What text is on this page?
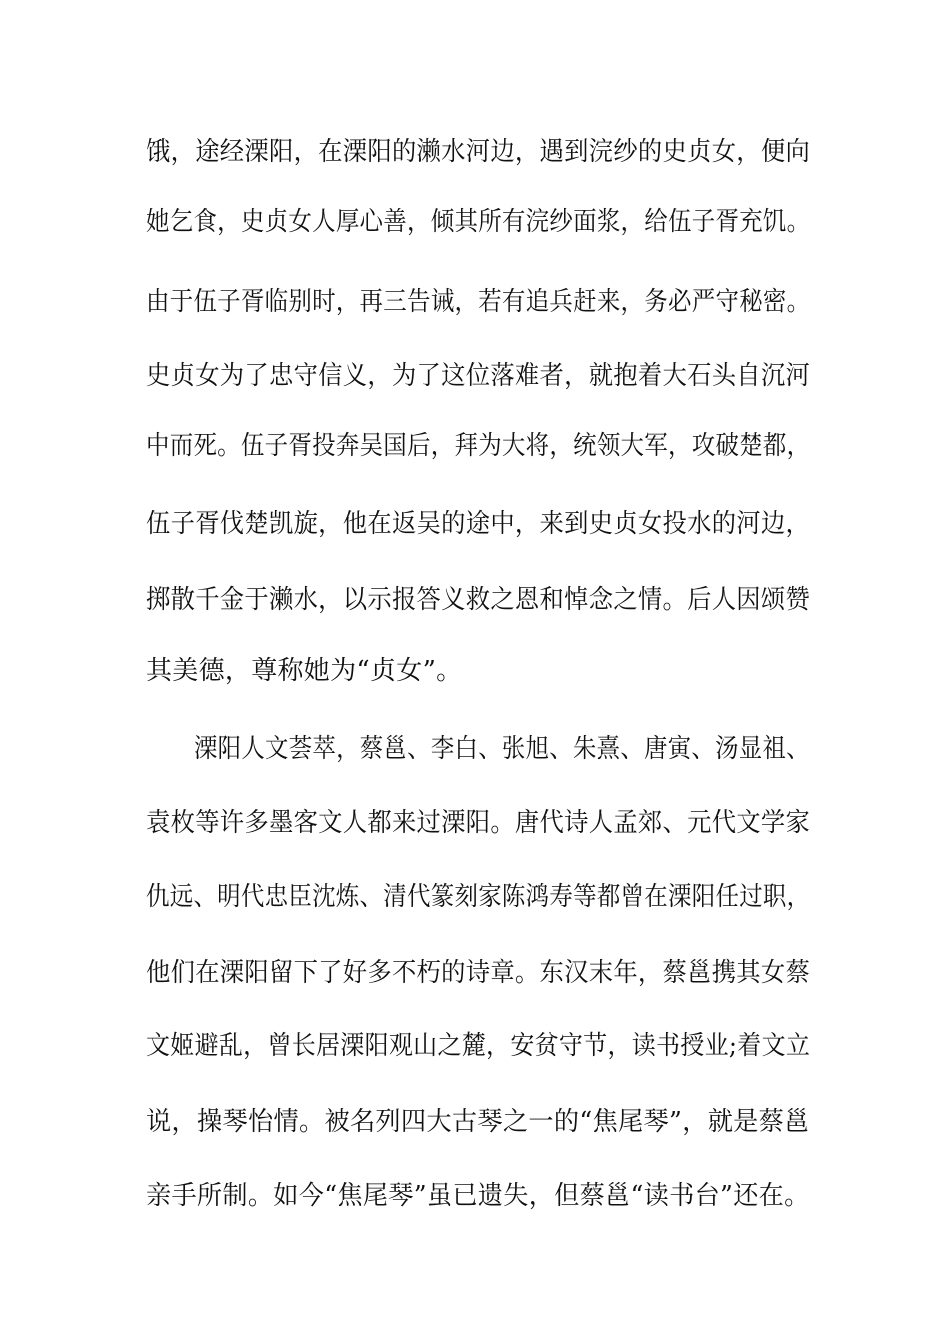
饿，途经溧阳，在溧阳的濑水河边，遇到浣纱的史贞女，便向
她乞食，史贞女人厚心善，倾其所有浣纱面浆，给伍子胥充饥。
由于伍子胥临别时，再三告诫，若有追兵赶来，务必严守秘密。
史贞女为了忠守信义，为了这位落难者，就抱着大石头自沉河
中而死。伍子胥投奔吴国后，拜为大将，统领大军，攻破楚都，
伍子胥伐楚凯旋，他在返吴的途中，来到史贞女投水的河边，
掷散千金于濑水，以示报答义救之恩和悼念之情。后人因颂赞
其美德，尊称她为“贞女”。
溧阳人文荟萃，蔡邕、李白、张旭、朱熹、唐寅、汤显祖、
袁枚等许多墨客文人都来过溧阳。唐代诗人孟郊、元代文学家
仇远、明代忠臣沈炼、清代篆刻家陈鸿寿等都曾在溧阳任过职，
他们在溧阳留下了好多不朽的诗章。东汉末年，蔡邕携其女蔡
文姬避乱，曾长居溧阳观山之麓，安贫守节，读书授业;着文立
说，操琴怡情。被名列四大古琴之一的“焦尾琴”，就是蔡邕
亲手所制。如今“焦尾琴”虽已遗失，但蔡邕“读书台”还在。
